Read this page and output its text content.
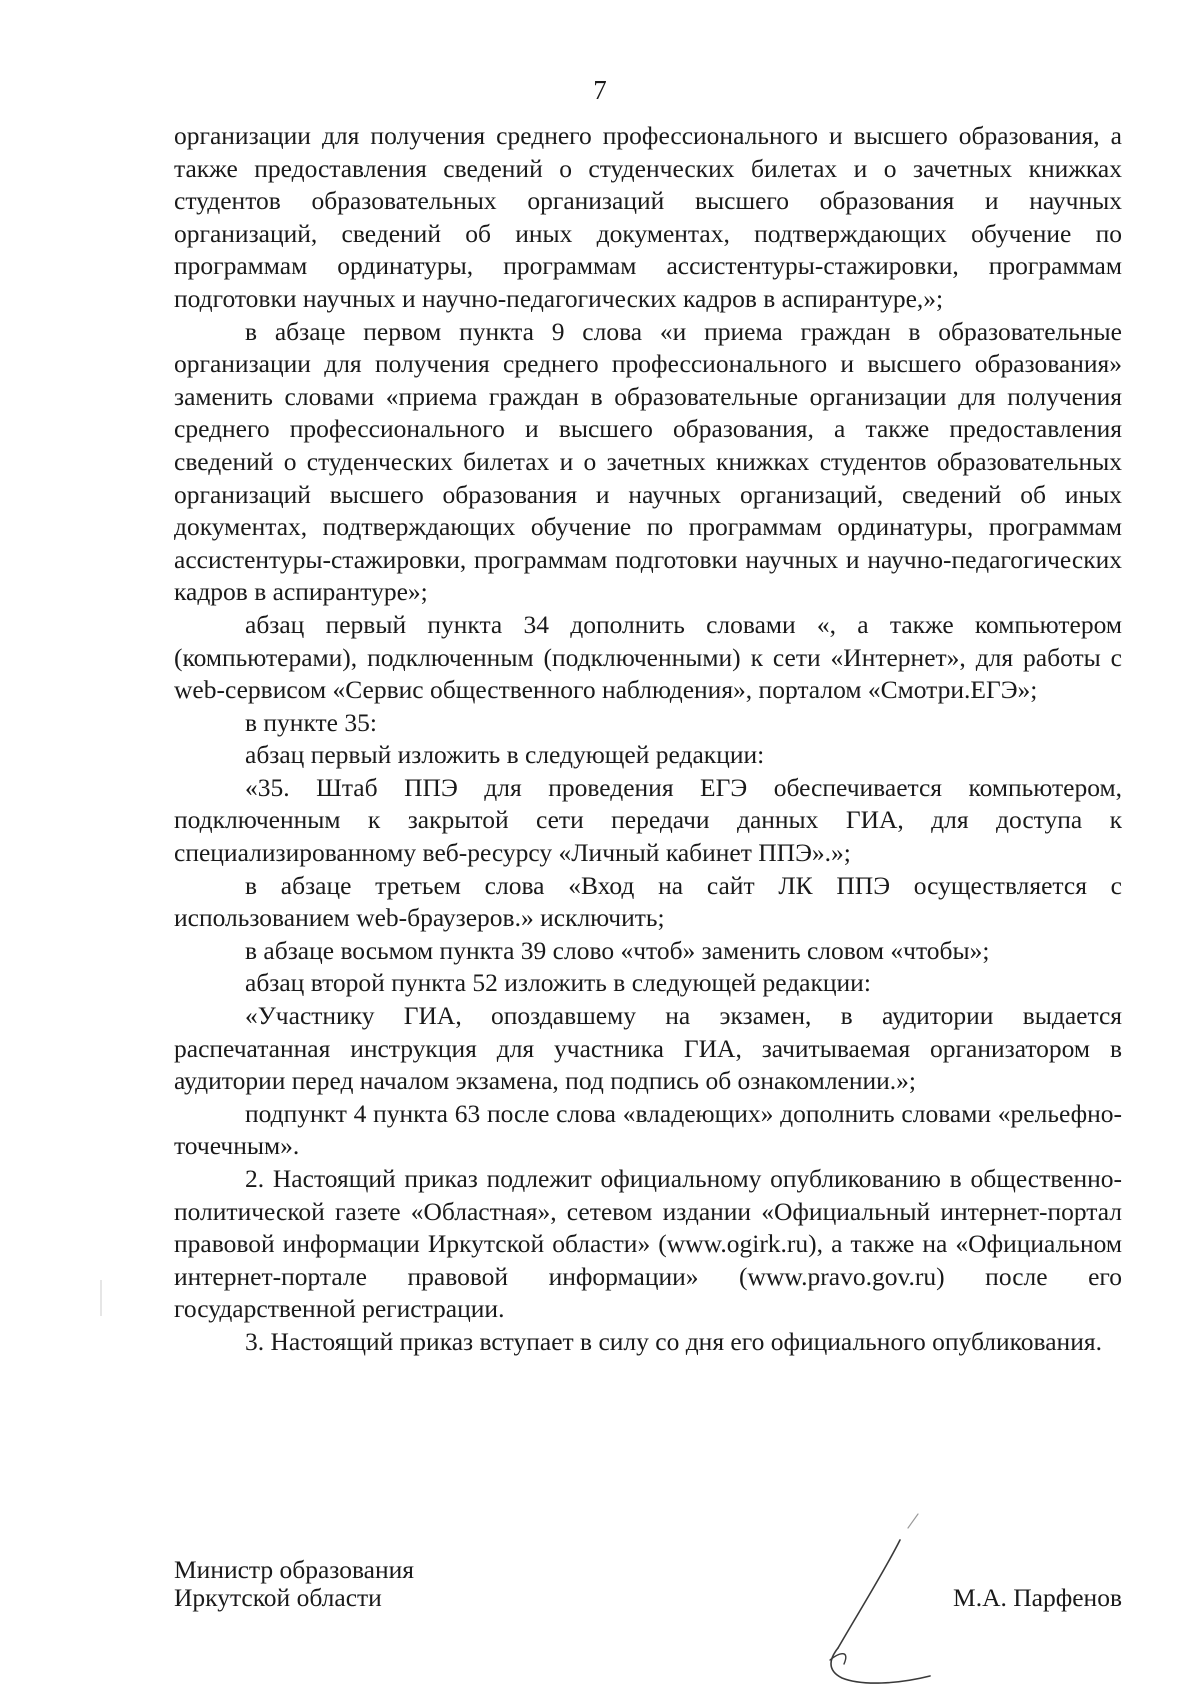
7

организации для получения среднего профессионального и высшего образования, а также предоставления сведений о студенческих билетах и о зачетных книжках студентов образовательных организаций высшего образования и научных организаций, сведений об иных документах, подтверждающих обучение по программам ординатуры, программам ассистентуры-стажировки, программам подготовки научных и научно-педагогических кадров в аспирантуре,»;

в абзаце первом пункта 9 слова «и приема граждан в образовательные организации для получения среднего профессионального и высшего образования» заменить словами «приема граждан в образовательные организации для получения среднего профессионального и высшего образования, а также предоставления сведений о студенческих билетах и о зачетных книжках студентов образовательных организаций высшего образования и научных организаций, сведений об иных документах, подтверждающих обучение по программам ординатуры, программам ассистентуры-стажировки, программам подготовки научных и научно-педагогических кадров в аспирантуре»;

абзац первый пункта 34 дополнить словами «, а также компьютером (компьютерами), подключенным (подключенными) к сети «Интернет», для работы с web-сервисом «Сервис общественного наблюдения», порталом «Смотри.ЕГЭ»;

в пункте 35:

абзац первый изложить в следующей редакции:

«35. Штаб ППЭ для проведения ЕГЭ обеспечивается компьютером, подключенным к закрытой сети передачи данных ГИА, для доступа к специализированному веб-ресурсу «Личный кабинет ППЭ».»;

в абзаце третьем слова «Вход на сайт ЛК ППЭ осуществляется с использованием web-браузеров.» исключить;

в абзаце восьмом пункта 39 слово «чтоб» заменить словом «чтобы»;

абзац второй пункта 52 изложить в следующей редакции:

«Участнику ГИА, опоздавшему на экзамен, в аудитории выдается распечатанная инструкция для участника ГИА, зачитываемая организатором в аудитории перед началом экзамена, под подпись об ознакомлении.»;

подпункт 4 пункта 63 после слова «владеющих» дополнить словами «рельефно-точечным».

2. Настоящий приказ подлежит официальному опубликованию в общественно-политической газете «Областная», сетевом издании «Официальный интернет-портал правовой информации Иркутской области» (www.ogirk.ru), а также на «Официальном интернет-портале правовой информации» (www.pravo.gov.ru) после его государственной регистрации.

3. Настоящий приказ вступает в силу со дня его официального опубликования.

Министр образования
Иркутской области	М.А. Парфенов
